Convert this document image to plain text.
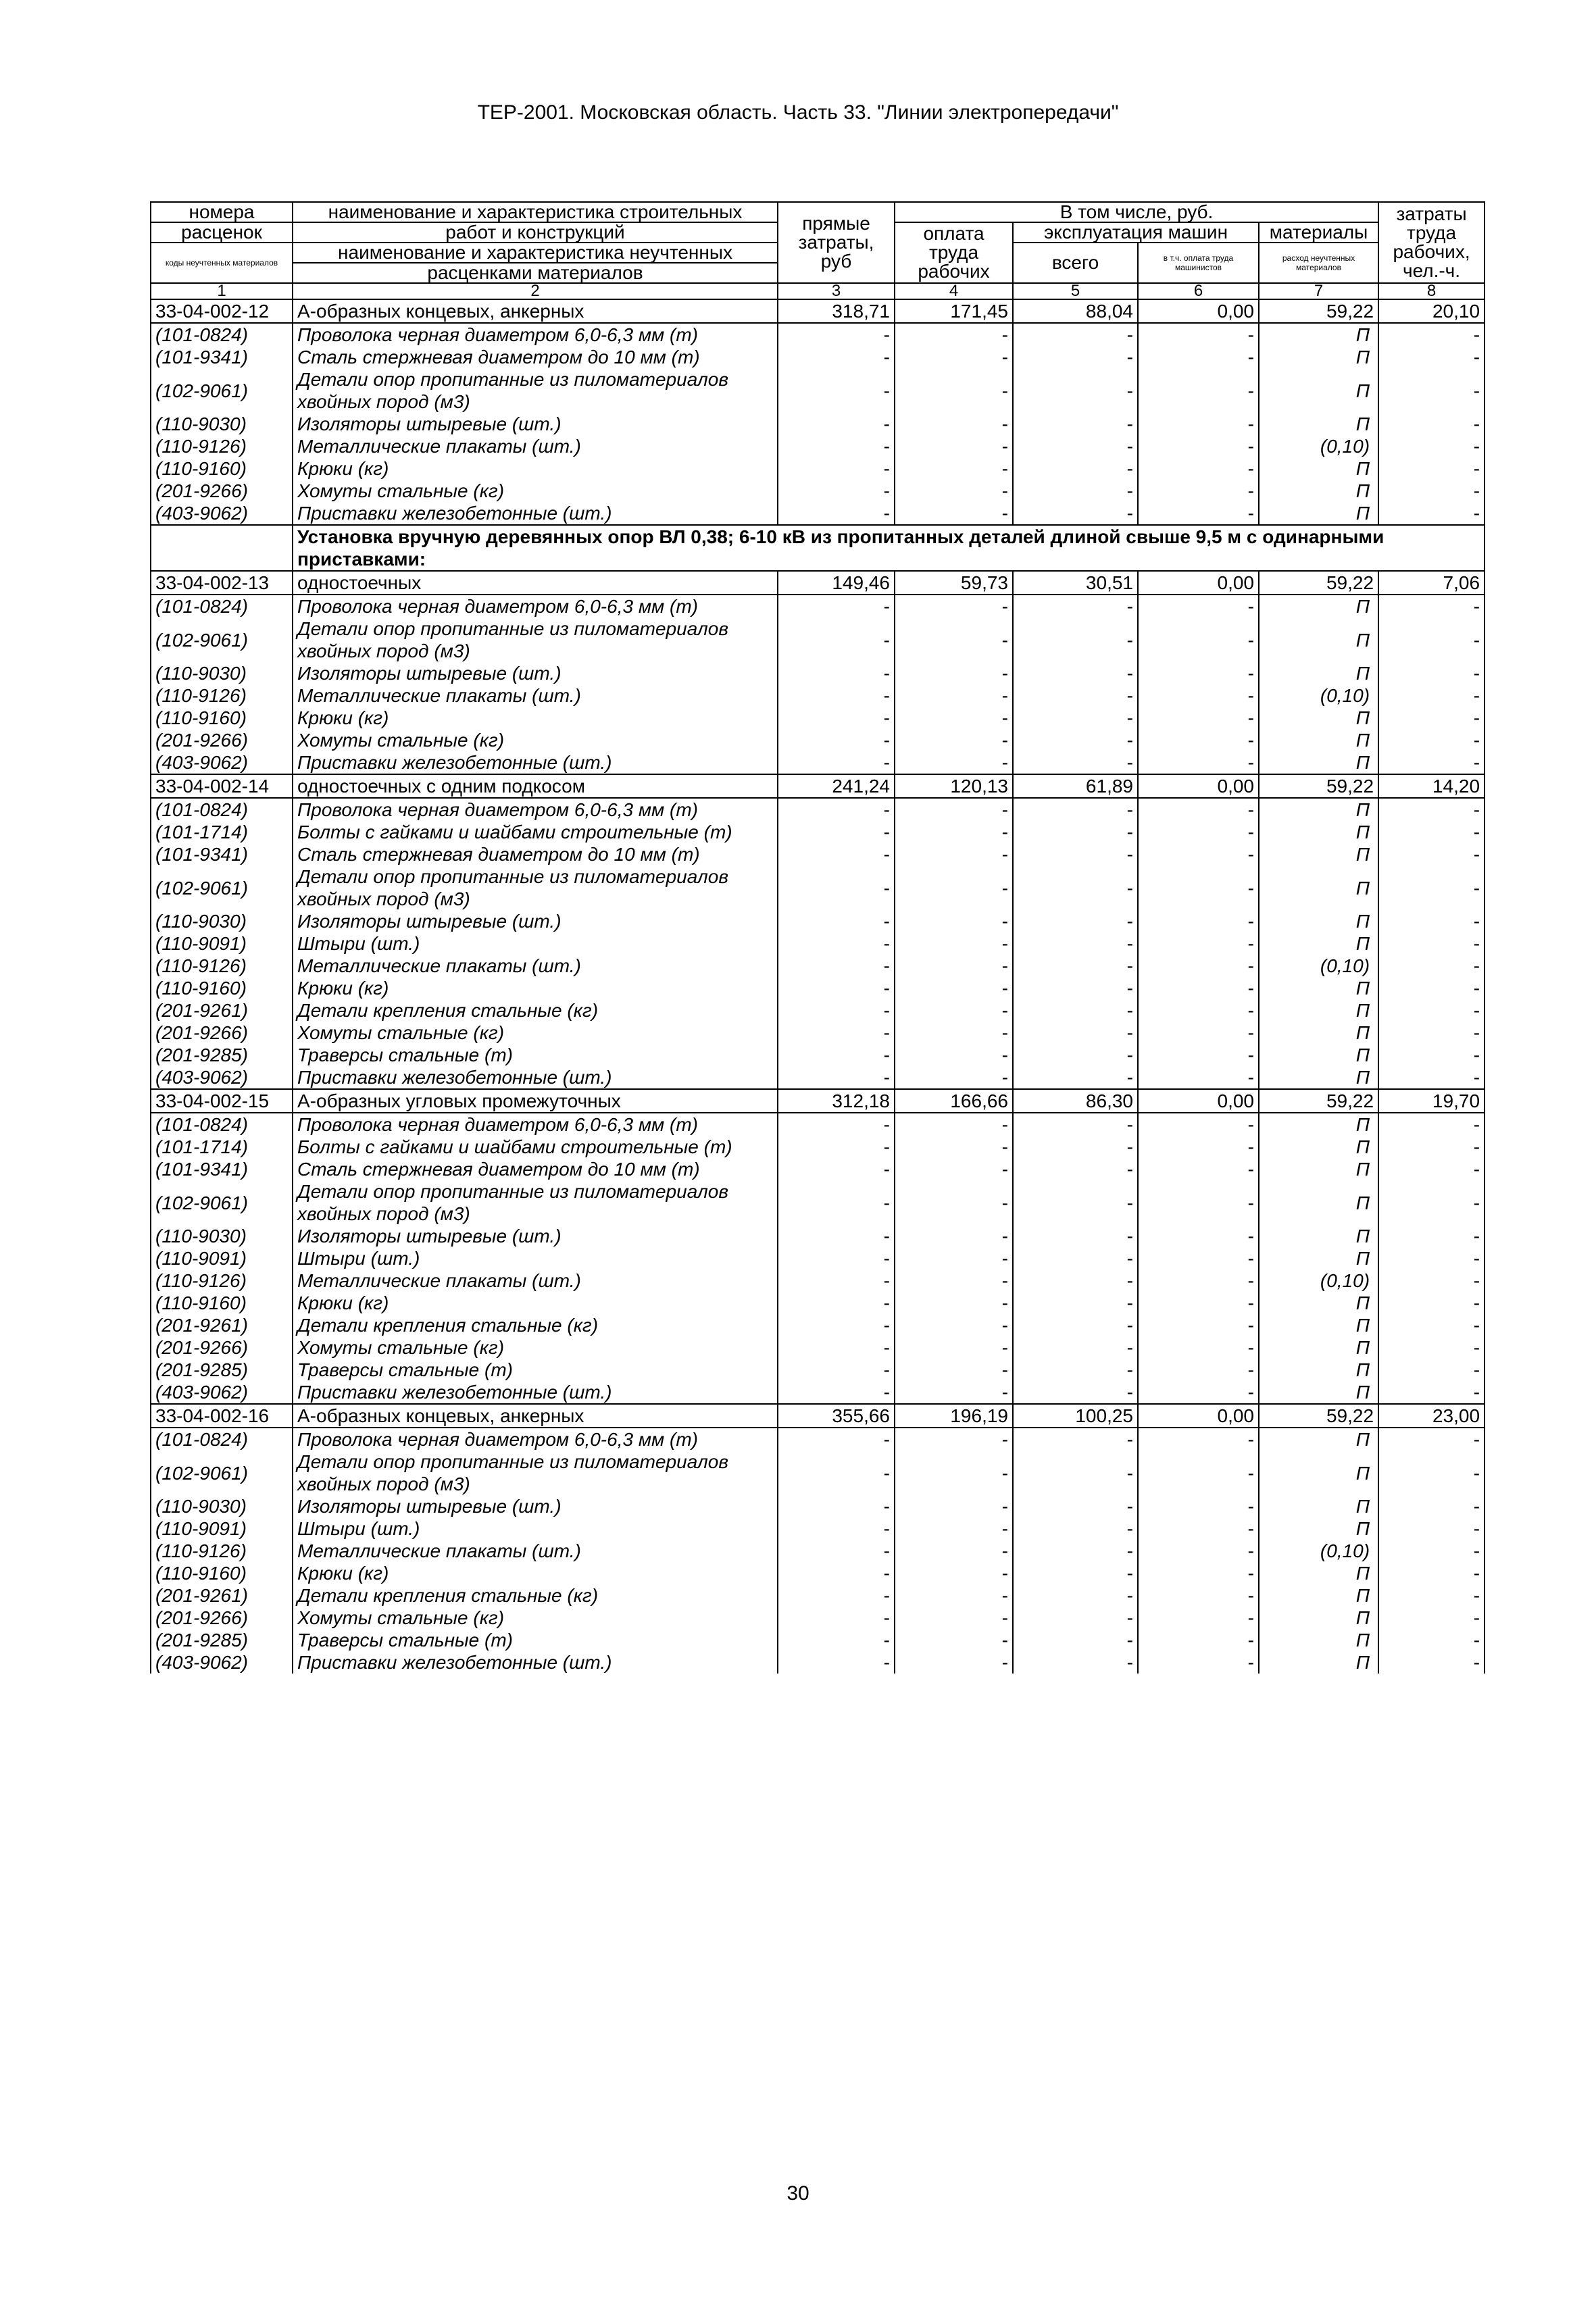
ТЕР-2001. Московская область. Часть 33. "Линии электропередачи"
номера	наименование и характеристика строительных	прямые затраты, руб	В том числе, руб.				затраты труда рабочих, чел.-ч.
расценок	работ и конструкций		оплата труда рабочих	эксплуатация машин		материалы	
коды неучтенных материалов	наименование и характеристика неучтенных			всего	в т.ч. оплата труда машинистов	расход неучтенных материалов	
	расценками материалов						
1	2	3	4	5	6	7	8
33-04-002-12	А-образных концевых, анкерных	318,71	171,45	88,04	0,00	59,22	20,10
(101-0824)	Проволока черная диаметром 6,0-6,3 мм (т)	-	-	-	-	П	-
(101-9341)	Сталь стержневая диаметром до 10 мм (т)	-	-	-	-	П	-
(102-9061)	Детали опор пропитанные из пиломатериалов хвойных пород (м3)	-	-	-	-	П	-
(110-9030)	Изоляторы штыревые (шт.)	-	-	-	-	П	-
(110-9126)	Металлические плакаты (шт.)	-	-	-	-	(0,10)	-
(110-9160)	Крюки (кг)	-	-	-	-	П	-
(201-9266)	Хомуты стальные (кг)	-	-	-	-	П	-
(403-9062)	Приставки железобетонные (шт.)	-	-	-	-	П	-
	Установка вручную деревянных опор ВЛ 0,38; 6-10 кВ из пропитанных деталей длиной свыше 9,5 м с одинарными приставками:						
33-04-002-13	одностоечных	149,46	59,73	30,51	0,00	59,22	7,06
(101-0824)	Проволока черная диаметром 6,0-6,3 мм (т)	-	-	-	-	П	-
(102-9061)	Детали опор пропитанные из пиломатериалов хвойных пород (м3)	-	-	-	-	П	-
(110-9030)	Изоляторы штыревые (шт.)	-	-	-	-	П	-
(110-9126)	Металлические плакаты (шт.)	-	-	-	-	(0,10)	-
(110-9160)	Крюки (кг)	-	-	-	-	П	-
(201-9266)	Хомуты стальные (кг)	-	-	-	-	П	-
(403-9062)	Приставки железобетонные (шт.)	-	-	-	-	П	-
33-04-002-14	одностоечных с одним подкосом	241,24	120,13	61,89	0,00	59,22	14,20
(101-0824)	Проволока черная диаметром 6,0-6,3 мм (т)	-	-	-	-	П	-
(101-1714)	Болты с гайками и шайбами строительные (т)	-	-	-	-	П	-
(101-9341)	Сталь стержневая диаметром до 10 мм (т)	-	-	-	-	П	-
(102-9061)	Детали опор пропитанные из пиломатериалов хвойных пород (м3)	-	-	-	-	П	-
(110-9030)	Изоляторы штыревые (шт.)	-	-	-	-	П	-
(110-9091)	Штыри (шт.)	-	-	-	-	П	-
(110-9126)	Металлические плакаты (шт.)	-	-	-	-	(0,10)	-
(110-9160)	Крюки (кг)	-	-	-	-	П	-
(201-9261)	Детали крепления стальные (кг)	-	-	-	-	П	-
(201-9266)	Хомуты стальные (кг)	-	-	-	-	П	-
(201-9285)	Траверсы стальные (т)	-	-	-	-	П	-
(403-9062)	Приставки железобетонные (шт.)	-	-	-	-	П	-
33-04-002-15	А-образных угловых промежуточных	312,18	166,66	86,30	0,00	59,22	19,70
(101-0824)	Проволока черная диаметром 6,0-6,3 мм (т)	-	-	-	-	П	-
(101-1714)	Болты с гайками и шайбами строительные (т)	-	-	-	-	П	-
(101-9341)	Сталь стержневая диаметром до 10 мм (т)	-	-	-	-	П	-
(102-9061)	Детали опор пропитанные из пиломатериалов хвойных пород (м3)	-	-	-	-	П	-
(110-9030)	Изоляторы штыревые (шт.)	-	-	-	-	П	-
(110-9091)	Штыри (шт.)	-	-	-	-	П	-
(110-9126)	Металлические плакаты (шт.)	-	-	-	-	(0,10)	-
(110-9160)	Крюки (кг)	-	-	-	-	П	-
(201-9261)	Детали крепления стальные (кг)	-	-	-	-	П	-
(201-9266)	Хомуты стальные (кг)	-	-	-	-	П	-
(201-9285)	Траверсы стальные (т)	-	-	-	-	П	-
(403-9062)	Приставки железобетонные (шт.)	-	-	-	-	П	-
33-04-002-16	А-образных концевых, анкерных	355,66	196,19	100,25	0,00	59,22	23,00
(101-0824)	Проволока черная диаметром 6,0-6,3 мм (т)	-	-	-	-	П	-
(102-9061)	Детали опор пропитанные из пиломатериалов хвойных пород (м3)	-	-	-	-	П	-
(110-9030)	Изоляторы штыревые (шт.)	-	-	-	-	П	-
(110-9091)	Штыри (шт.)	-	-	-	-	П	-
(110-9126)	Металлические плакаты (шт.)	-	-	-	-	(0,10)	-
(110-9160)	Крюки (кг)	-	-	-	-	П	-
(201-9261)	Детали крепления стальные (кг)	-	-	-	-	П	-
(201-9266)	Хомуты стальные (кг)	-	-	-	-	П	-
(201-9285)	Траверсы стальные (т)	-	-	-	-	П	-
(403-9062)	Приставки железобетонные (шт.)	-	-	-	-	П	-
30
